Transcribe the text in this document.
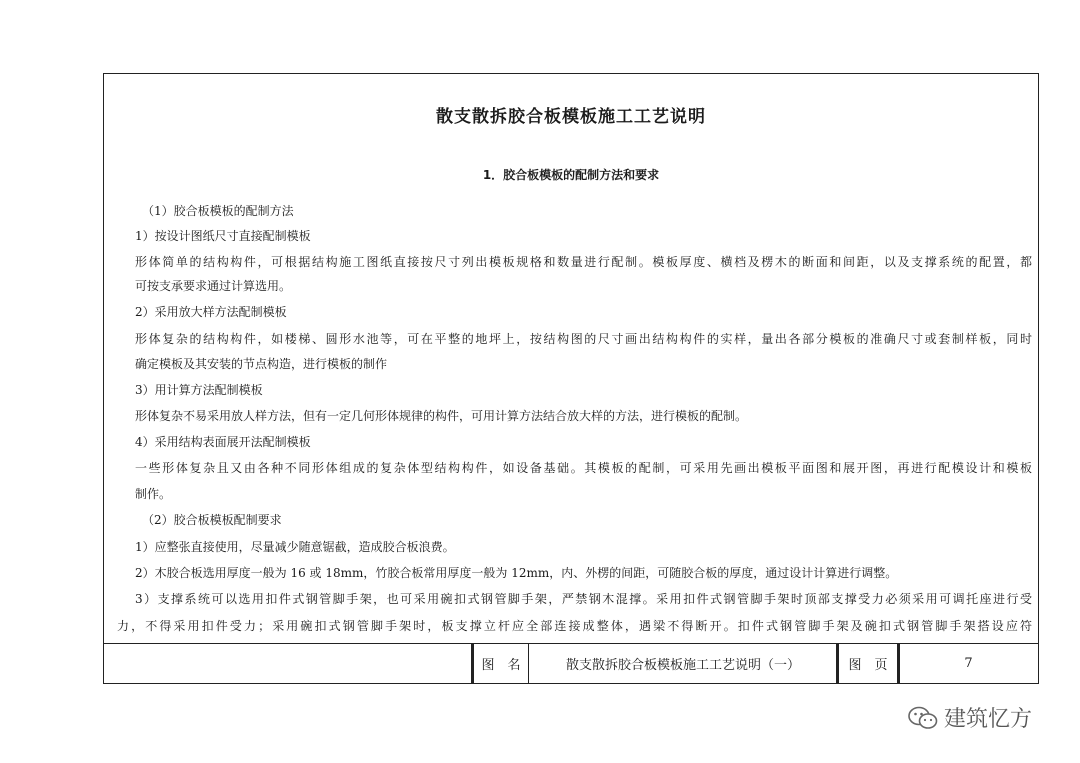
散支散拆胶合板模板施工工艺说明
1．胶合板模板的配制方法和要求
（1）胶合板模板的配制方法
1）按设计图纸尺寸直接配制模板
形体简单的结构构件，可根据结构施工图纸直接按尺寸列出模板规格和数量进行配制。模板厚度、横档及楞木的断面和间距，以及支撑系统的配置，都
可按支承要求通过计算选用。
2）采用放大样方法配制模板
形体复杂的结构构件，如楼梯、圆形水池等，可在平整的地坪上，按结构图的尺寸画出结构构件的实样，量出各部分模板的准确尺寸或套制样板，同时
确定模板及其安装的节点构造，进行模板的制作
3）用计算方法配制模板
形体复杂不易采用放人样方法，但有一定几何形体规律的构件，可用计算方法结合放大样的方法，进行模板的配制。
4）采用结构表面展开法配制模板
一些形体复杂且又由各种不同形体组成的复杂体型结构构件，如设备基础。其模板的配制，可采用先画出模板平面图和展开图，再进行配模设计和模板
制作。
（2）胶合板模板配制要求
1）应整张直接使用，尽量减少随意锯截，造成胶合板浪费。
2）木胶合板选用厚度一般为 16 或 18mm，竹胶合板常用厚度一般为 12mm，内、外楞的间距，可随胶合板的厚度，通过设计计算进行调整。
3）支撑系统可以选用扣件式钢管脚手架，也可采用碗扣式钢管脚手架，严禁钢木混撑。采用扣件式钢管脚手架时顶部支撑受力必须采用可调托座进行受
力，不得采用扣件受力；采用碗扣式钢管脚手架时，板支撑立杆应全部连接成整体，遇梁不得断开。扣件式钢管脚手架及碗扣式钢管脚手架搭设应符
图　名	散支散拆胶合板模板施工工艺说明（一）	图　页	7
建筑忆方
